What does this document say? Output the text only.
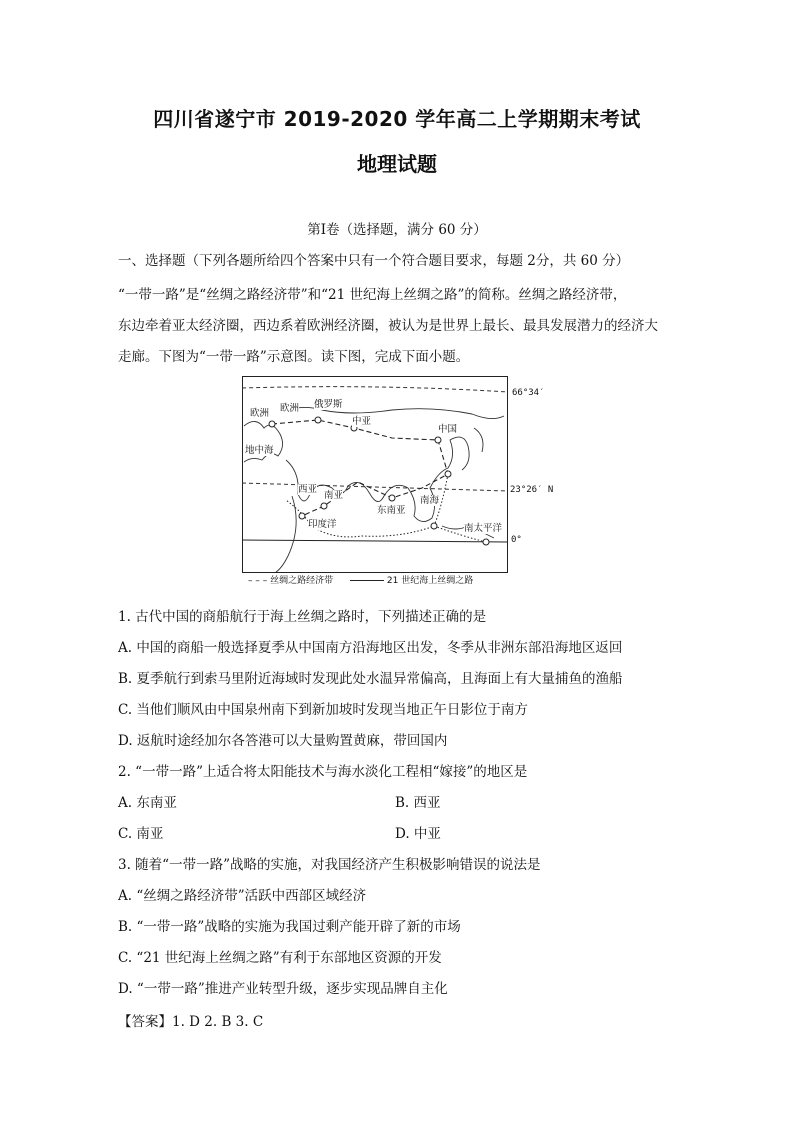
四川省遂宁市 2019-2020 学年高二上学期期末考试
地理试题
第Ⅰ卷（选择题，满分 60 分）
一、选择题（下列各题所给四个答案中只有一个符合题目要求，每题 2分，共 60 分）
“一带一路”是“丝绸之路经济带”和“21 世纪海上丝绸之路”的简称。丝绸之路经济带，
东边牵着亚太经济圈，西边系着欧洲经济圈，被认为是世界上最长、最具发展潜力的经济大
走廊。下图为“一带一路”示意图。读下图，完成下面小题。
欧洲 欧洲 俄罗斯
中亚
中国
地中海
西亚
南亚	南海
东南亚
印度洋	南太平洋
66°34′
23°26′ N
0°
– – – 丝绸之路经济带	21 世纪海上丝绸之路
1. 古代中国的商船航行于海上丝绸之路时，下列描述正确的是
A. 中国的商船一般选择夏季从中国南方沿海地区出发，冬季从非洲东部沿海地区返回
B. 夏季航行到索马里附近海域时发现此处水温异常偏高，且海面上有大量捕鱼的渔船
C. 当他们顺风由中国泉州南下到新加坡时发现当地正午日影位于南方
D. 返航时途经加尔各答港可以大量购置黄麻，带回国内
2. “一带一路”上适合将太阳能技术与海水淡化工程相“嫁接”的地区是
A. 东南亚	B. 西亚
C. 南亚	D. 中亚
3. 随着“一带一路”战略的实施，对我国经济产生积极影响错误的说法是
A. “丝绸之路经济带”活跃中西部区域经济
B. “一带一路”战略的实施为我国过剩产能开辟了新的市场
C. “21 世纪海上丝绸之路”有利于东部地区资源的开发
D. “一带一路”推进产业转型升级，逐步实现品牌自主化
【答案】1. D 2. B 3. C
